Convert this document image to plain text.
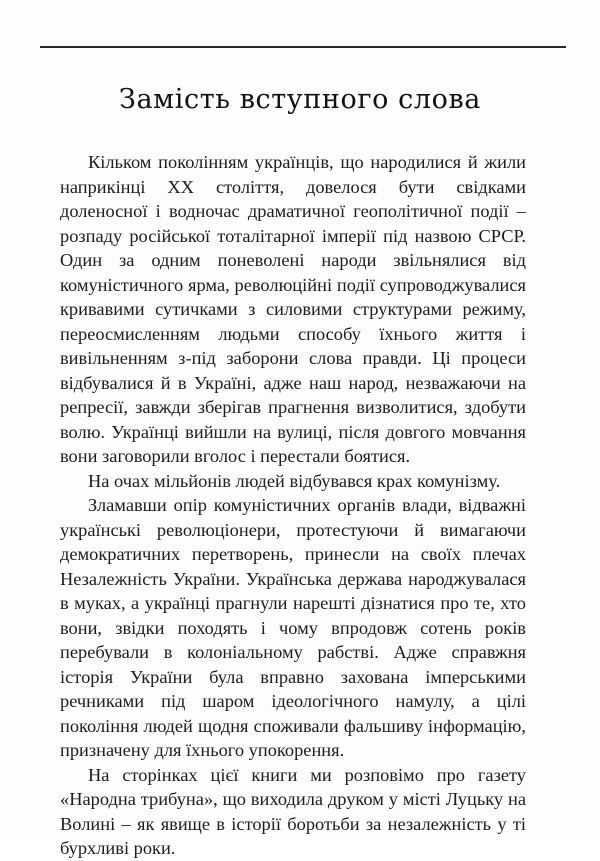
Замість вступного слова

Кільком поколінням українців, що народилися й жили наприкінці ХХ століття, довелося бути свідками доленосної і водночас драматичної геополітичної події – розпаду російської тоталітарної імперії під назвою СРСР. Один за одним поневолені народи звільнялися від комуністичного ярма, революційні події супроводжувалися кривавими сутичками з силовими структурами режиму, переосмисленням людьми способу їхнього життя і вивільненням з-під заборони слова правди. Ці процеси відбувалися й в Україні, адже наш народ, незважаючи на репресії, завжди зберігав прагнення визволитися, здобути волю. Українці вийшли на вулиці, після довгого мовчання вони заговорили вголос і перестали боятися.

На очах мільйонів людей відбувався крах комунізму.

Зламавши опір комуністичних органів влади, відважні українські революціонери, протестуючи й вимагаючи демократичних перетворень, принесли на своїх плечах Незалежність України. Українська держава народжувалася в муках, а українці прагнули нарешті дізнатися про те, хто вони, звідки походять і чому впродовж сотень років перебували в колоніальному рабстві. Адже справжня історія України була вправно захована імперськими речниками під шаром ідеологічного намулу, а цілі покоління людей щодня споживали фальшиву інформацію, призначену для їхнього упокорення.

На сторінках цієї книги ми розповімо про газету «Народна трибуна», що виходила друком у місті Луцьку на Волині – як явище в історії боротьби за незалежність у ті бурхливі роки.
